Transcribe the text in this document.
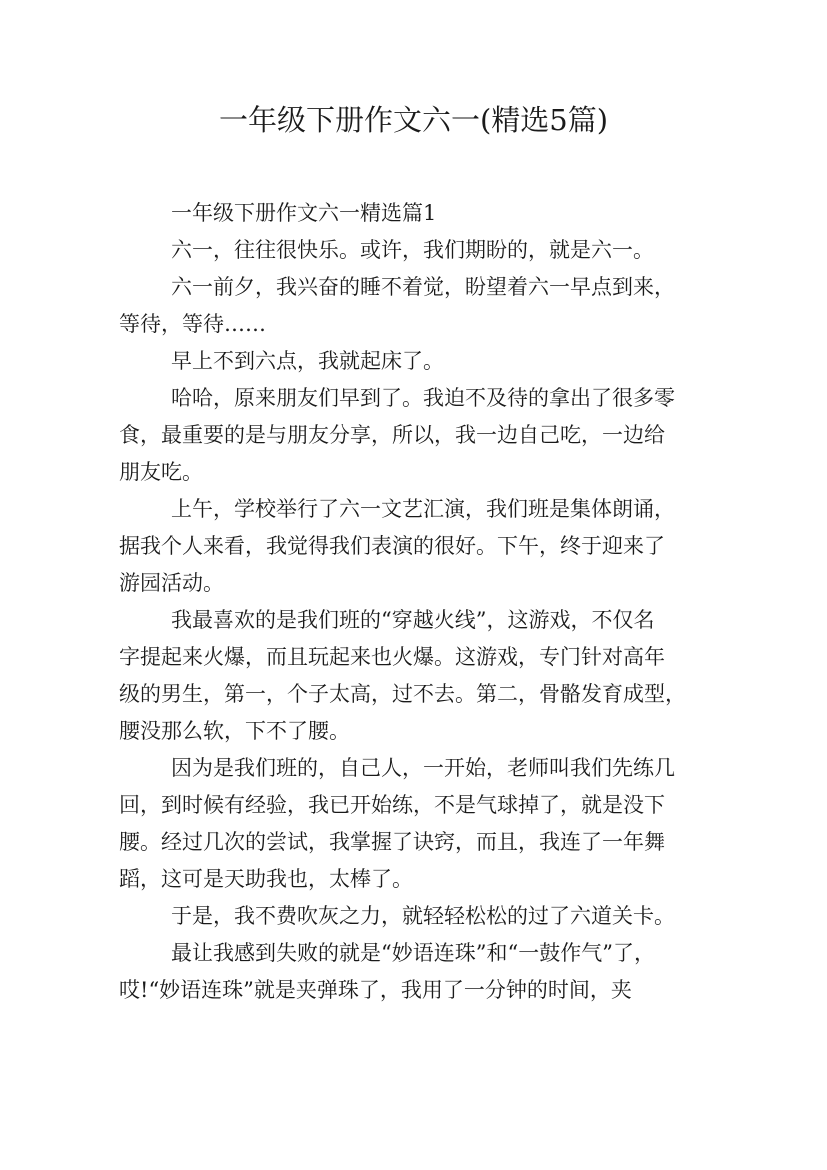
一年级下册作文六一(精选5篇)

一年级下册作文六一精选篇1

六一，往往很快乐。或许，我们期盼的，就是六一。

六一前夕，我兴奋的睡不着觉，盼望着六一早点到来，
等待，等待……

早上不到六点，我就起床了。

哈哈，原来朋友们早到了。我迫不及待的拿出了很多零
食，最重要的是与朋友分享，所以，我一边自己吃，一边给
朋友吃。

上午，学校举行了六一文艺汇演，我们班是集体朗诵，
据我个人来看，我觉得我们表演的很好。下午，终于迎来了
游园活动。

我最喜欢的是我们班的“穿越火线”，这游戏，不仅名
字提起来火爆，而且玩起来也火爆。这游戏，专门针对高年
级的男生，第一，个子太高，过不去。第二，骨骼发育成型，
腰没那么软，下不了腰。

因为是我们班的，自己人，一开始，老师叫我们先练几
回，到时候有经验，我已开始练，不是气球掉了，就是没下
腰。经过几次的尝试，我掌握了诀窍，而且，我连了一年舞
蹈，这可是天助我也，太棒了。

于是，我不费吹灰之力，就轻轻松松的过了六道关卡。

最让我感到失败的就是“妙语连珠”和“一鼓作气”了，
哎!“妙语连珠”就是夹弹珠了，我用了一分钟的时间，夹
